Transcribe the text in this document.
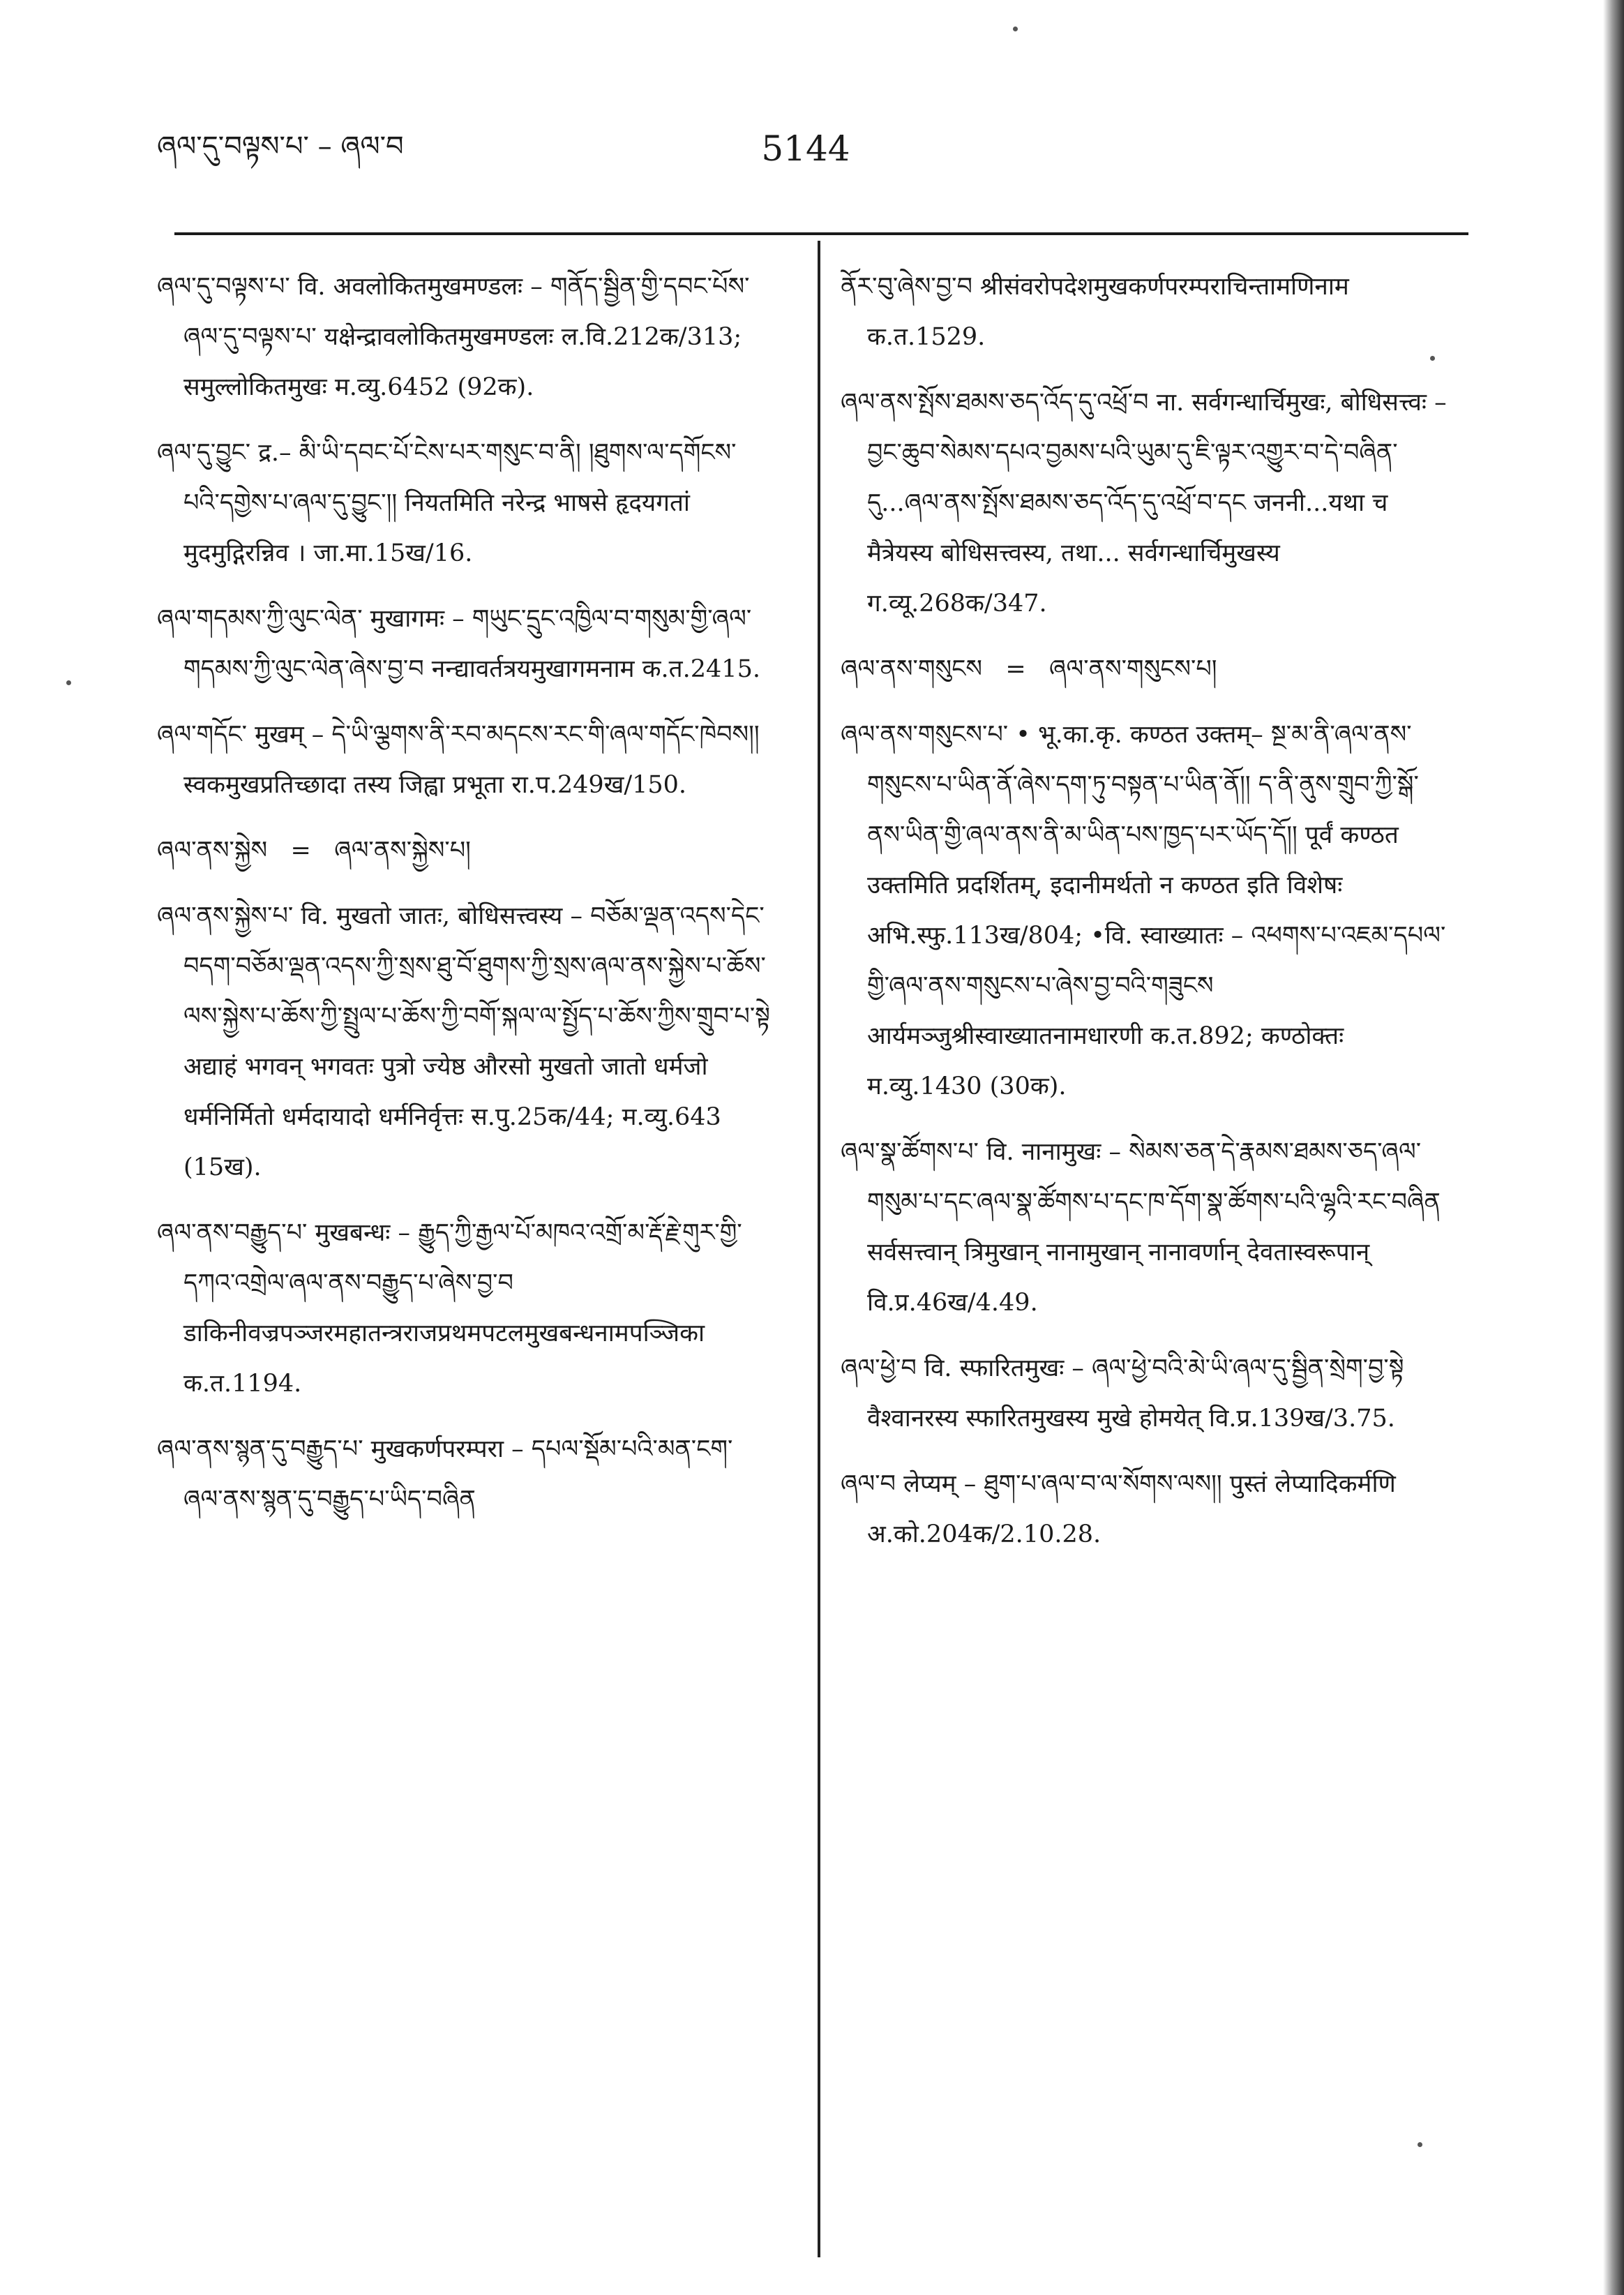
ཞལ་དུ་བལྟས་པ་ – ཞལ་བ	5144

ཞལ་དུ་བལྟས་པ་ वि. अवलोकितमुखमण्डलः – གནོད་སྦྱིན་གྱི་དབང་པོས་ཞལ་དུ་བལྟས་པ་ यक्षेन्द्रावलोकितमुखमण्डलः ल.वि.212क/313; समुल्लोकितमुखः म.व्यु.6452 (92क).

ཞལ་དུ་བྱུང་ द्र.– མི་ཡི་དབང་པོ་ངེས་པར་གསུང་བ་ནི། །ཐུགས་ལ་དགོངས་པའི་དགྱེས་པ་ཞལ་དུ་བྱུང་།། नियतमिति नरेन्द्र भाषसे हृदयगतां मुदमुद्गिरन्निव । जा.मा.15ख/16.

ཞལ་གདམས་ཀྱི་ལུང་ལེན་ मुखागमः – གཡུང་དྲུང་འཁྱིལ་བ་གསུམ་གྱི་ཞལ་གདམས་ཀྱི་ལུང་ལེན་ཞེས་བྱ་བ नन्द्यावर्तत्रयमुखागमनाम क.त.2415.

ཞལ་གདོང་ मुखम् – དེ་ཡི་ལྕགས་ནི་རབ་མདངས་རང་གི་ཞལ་གདོང་ཁེབས།། स्वकमुखप्रतिच्छादा तस्य जिह्वा प्रभूता रा.प.249ख/150.

ཞལ་ནས་སྐྱེས   =   ཞལ་ནས་སྐྱེས་པ།

ཞལ་ནས་སྐྱེས་པ་ वि. मुखतो जातः, बोधिसत्त्वस्य – བཅོམ་ལྡན་འདས་དེང་བདག་བཅོམ་ལྡན་འདས་ཀྱི་སྲས་ཐུ་བོ་ཐུགས་ཀྱི་སྲས་ཞལ་ནས་སྐྱེས་པ་ཆོས་ལས་སྐྱེས་པ་ཆོས་ཀྱི་སྤྲུལ་པ་ཆོས་ཀྱི་བགོ་སྐལ་ལ་སྤྱོད་པ་ཆོས་ཀྱིས་གྲུབ་པ་སྟེ अद्याहं भगवन् भगवतः पुत्रो ज्येष्ठ औरसो मुखतो जातो धर्मजो धर्मनिर्मितो धर्मदायादो धर्मनिर्वृत्तः स.पु.25क/44; म.व्यु.643 (15ख).

ཞལ་ནས་བརྒྱུད་པ་ मुखबन्धः – རྒྱུད་ཀྱི་རྒྱལ་པོ་མཁའ་འགྲོ་མ་རྡོ་རྗེ་གུར་གྱི་དཀའ་འགྲེལ་ཞལ་ནས་བརྒྱུད་པ་ཞེས་བྱ་བ डाकिनीवज्रपञ्जरमहातन्त्रराजप्रथमपटलमुखबन्धनामपञ्जिका क.त.1194.

ཞལ་ནས་སྙན་དུ་བརྒྱུད་པ་ मुखकर्णपरम्परा – དཔལ་སྡོམ་པའི་མན་ངག་ཞལ་ནས་སྙན་དུ་བརྒྱུད་པ་ཡིད་བཞིན

ནོར་བུ་ཞེས་བྱ་བ श्रीसंवरोपदेशमुखकर्णपरम्पराचिन्तामणिनाम क.त.1529.

ཞལ་ནས་སྤོས་ཐམས་ཅད་འོད་དུ་འཕྲོ་བ ना. सर्वगन्धार्चिमुखः, बोधिसत्त्वः – བྱང་ཆུབ་སེམས་དཔའ་བྱམས་པའི་ཡུམ་དུ་ཇི་ལྟར་འགྱུར་བ་དེ་བཞིན་དུ...ཞལ་ནས་སྤོས་ཐམས་ཅད་འོད་དུ་འཕྲོ་བ་དང जननी...यथा च मैत्रेयस्य बोधिसत्त्वस्य, तथा... सर्वगन्धार्चिमुखस्य ग.व्यू.268क/347.

ཞལ་ནས་གསུངས   =   ཞལ་ནས་གསུངས་པ།

ཞལ་ནས་གསུངས་པ་ • भू.का.कृ. कण्ठत उक्तम्– སྔ་མ་ནི་ཞལ་ནས་གསུངས་པ་ཡིན་ནོ་ཞེས་དག་ཏུ་བསྟན་པ་ཡིན་ནོ།། ད་ནི་ནུས་གྲུབ་ཀྱི་སྒོ་ནས་ཡིན་གྱི་ཞལ་ནས་ནི་མ་ཡིན་པས་ཁྱད་པར་ཡོད་དོ།། पूर्वं कण्ठत उक्तमिति प्रदर्शितम्, इदानीमर्थतो न कण्ठत इति विशेषः अभि.स्फु.113ख/804; •वि. स्वाख्यातः – འཕགས་པ་འཇམ་དཔལ་གྱི་ཞལ་ནས་གསུངས་པ་ཞེས་བྱ་བའི་གཟུངས आर्यमञ्जुश्रीस्वाख्यातनामधारणी क.त.892; कण्ठोक्तः म.व्यु.1430 (30क).

ཞལ་སྣ་ཚོགས་པ་ वि. नानामुखः – སེམས་ཅན་དེ་རྣམས་ཐམས་ཅད་ཞལ་གསུམ་པ་དང་ཞལ་སྣ་ཚོགས་པ་དང་ཁ་དོག་སྣ་ཚོགས་པའི་ལྷའི་རང་བཞིན सर्वसत्त्वान् त्रिमुखान् नानामुखान् नानावर्णान् देवतास्वरूपान् वि.प्र.46ख/4.49.

ཞལ་ཕྱེ་བ वि. स्फारितमुखः – ཞལ་ཕྱེ་བའི་མེ་ཡི་ཞལ་དུ་སྦྱིན་སྲེག་བྱ་སྟེ वैश्वानरस्य स्फारितमुखस्य मुखे होमयेत् वि.प्र.139ख/3.75.

ཞལ་བ लेप्यम् – ཐུག་པ་ཞལ་བ་ལ་སོགས་ལས།། पुस्तं लेप्यादिकर्मणि अ.को.204क/2.10.28.
